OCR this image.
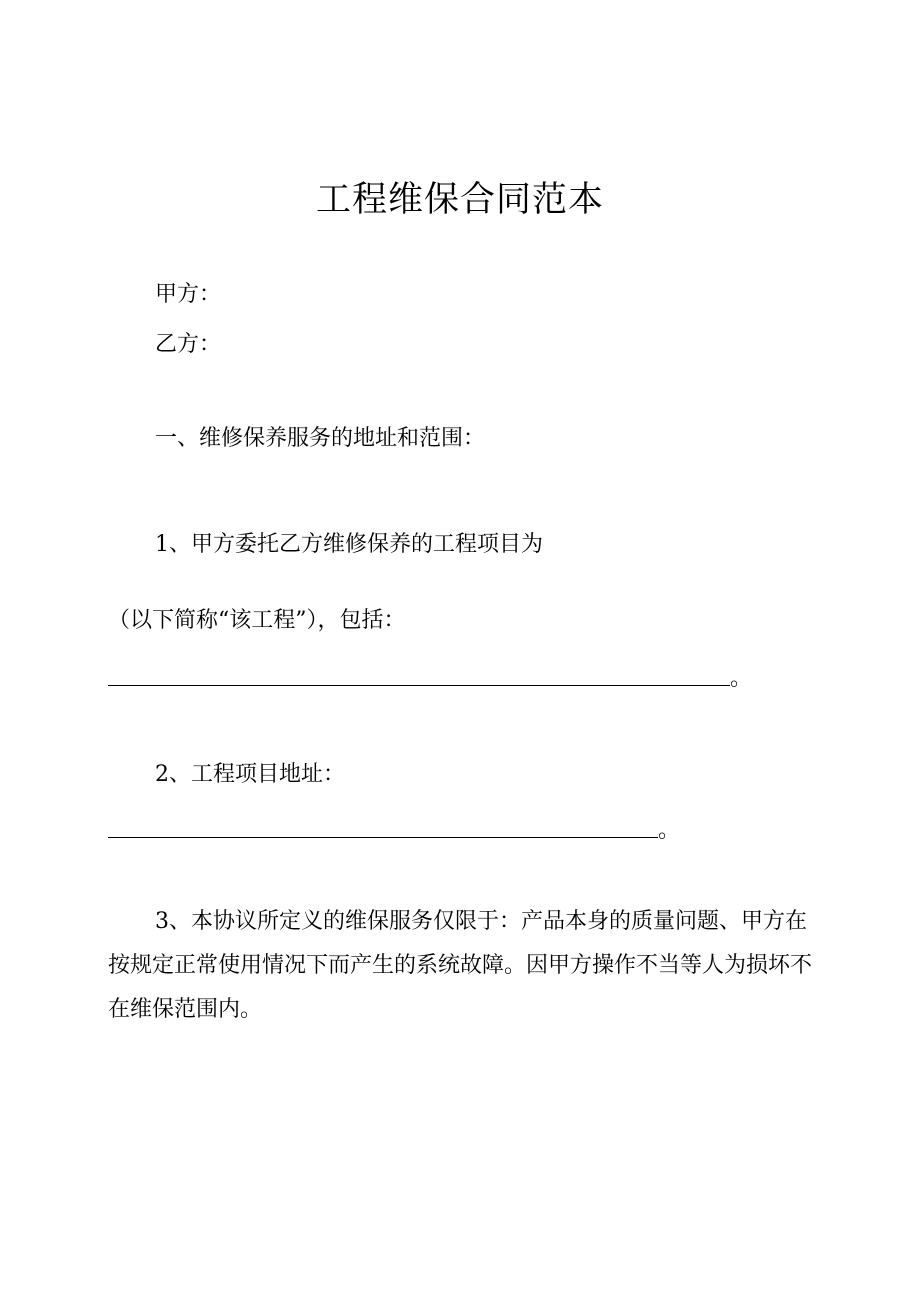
工程维保合同范本
甲方：
乙方：
一、维修保养服务的地址和范围：
1、甲方委托乙方维修保养的工程项目为
（以下简称“该工程”），包括：
。
2、工程项目地址：
。
3、本协议所定义的维保服务仅限于：产品本身的质量问题、甲方在按规定正常使用情况下而产生的系统故障。因甲方操作不当等人为损坏不在维保范围内。
